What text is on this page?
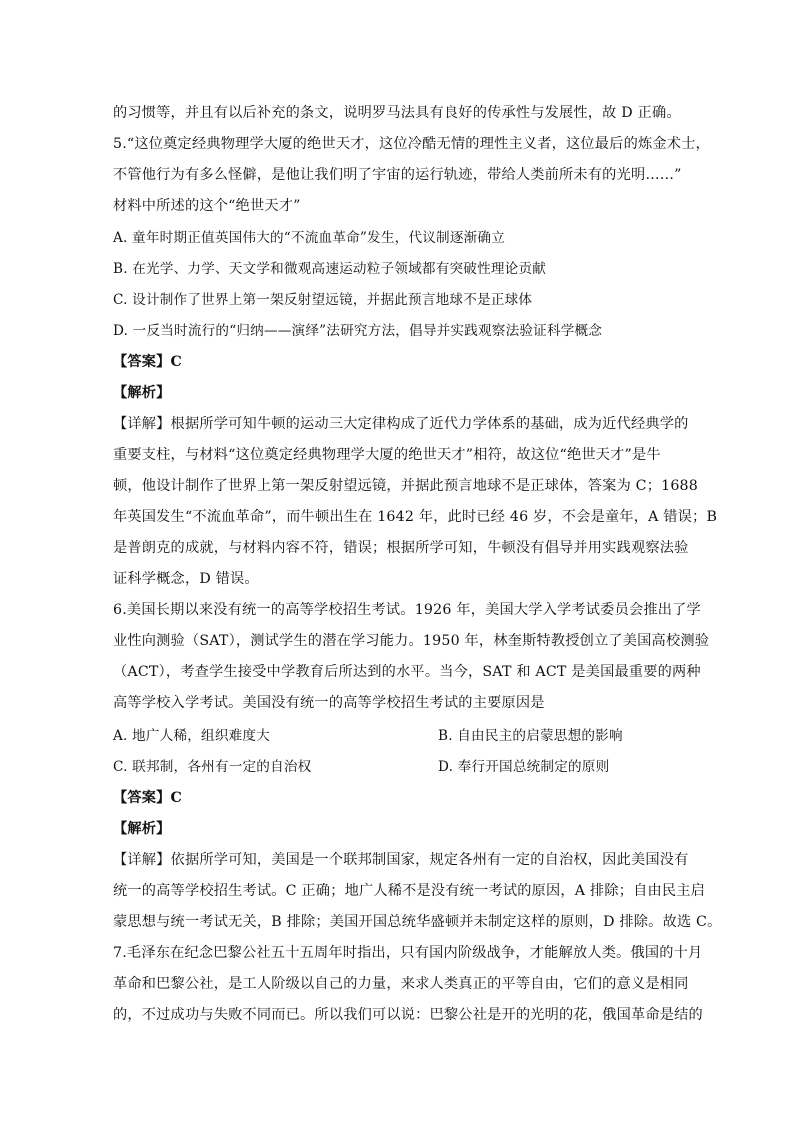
的习惯等，并且有以后补充的条文，说明罗马法具有良好的传承性与发展性，故 D 正确。
5.“这位奠定经典物理学大厦的绝世天才，这位冷酷无情的理性主义者，这位最后的炼金术士，
不管他行为有多么怪僻，是他让我们明了宇宙的运行轨迹，带给人类前所未有的光明……”
材料中所述的这个“绝世天才”
A. 童年时期正值英国伟大的“不流血革命”发生，代议制逐渐确立
B. 在光学、力学、天文学和微观高速运动粒子领域都有突破性理论贡献
C. 设计制作了世界上第一架反射望远镜，并据此预言地球不是正球体
D. 一反当时流行的“归纳——演绎”法研究方法，倡导并实践观察法验证科学概念
【答案】C
【解析】
【详解】根据所学可知牛顿的运动三大定律构成了近代力学体系的基础，成为近代经典学的
重要支柱，与材料“这位奠定经典物理学大厦的绝世天才”相符，故这位“绝世天才”是牛
顿，他设计制作了世界上第一架反射望远镜，并据此预言地球不是正球体，答案为 C；1688
年英国发生“不流血革命”，而牛顿出生在 1642 年，此时已经 46 岁，不会是童年，A 错误；B
是普朗克的成就，与材料内容不符，错误；根据所学可知，牛顿没有倡导并用实践观察法验
证科学概念，D 错误。
6.美国长期以来没有统一的高等学校招生考试。1926 年，美国大学入学考试委员会推出了学
业性向测验（SAT），测试学生的潜在学习能力。1950 年，林奎斯特教授创立了美国高校测验
（ACT），考查学生接受中学教育后所达到的水平。当今，SAT 和 ACT 是美国最重要的两种
高等学校入学考试。美国没有统一的高等学校招生考试的主要原因是
A. 地广人稀，组织难度大	B. 自由民主的启蒙思想的影响
C. 联邦制，各州有一定的自治权	D. 奉行开国总统制定的原则
【答案】C
【解析】
【详解】依据所学可知，美国是一个联邦制国家，规定各州有一定的自治权，因此美国没有
统一的高等学校招生考试。C 正确；地广人稀不是没有统一考试的原因，A 排除；自由民主启
蒙思想与统一考试无关，B 排除；美国开国总统华盛顿并未制定这样的原则，D 排除。故选 C。
7.毛泽东在纪念巴黎公社五十五周年时指出，只有国内阶级战争，才能解放人类。俄国的十月
革命和巴黎公社，是工人阶级以自己的力量，来求人类真正的平等自由，它们的意义是相同
的，不过成功与失败不同而已。所以我们可以说：巴黎公社是开的光明的花，俄国革命是结的
